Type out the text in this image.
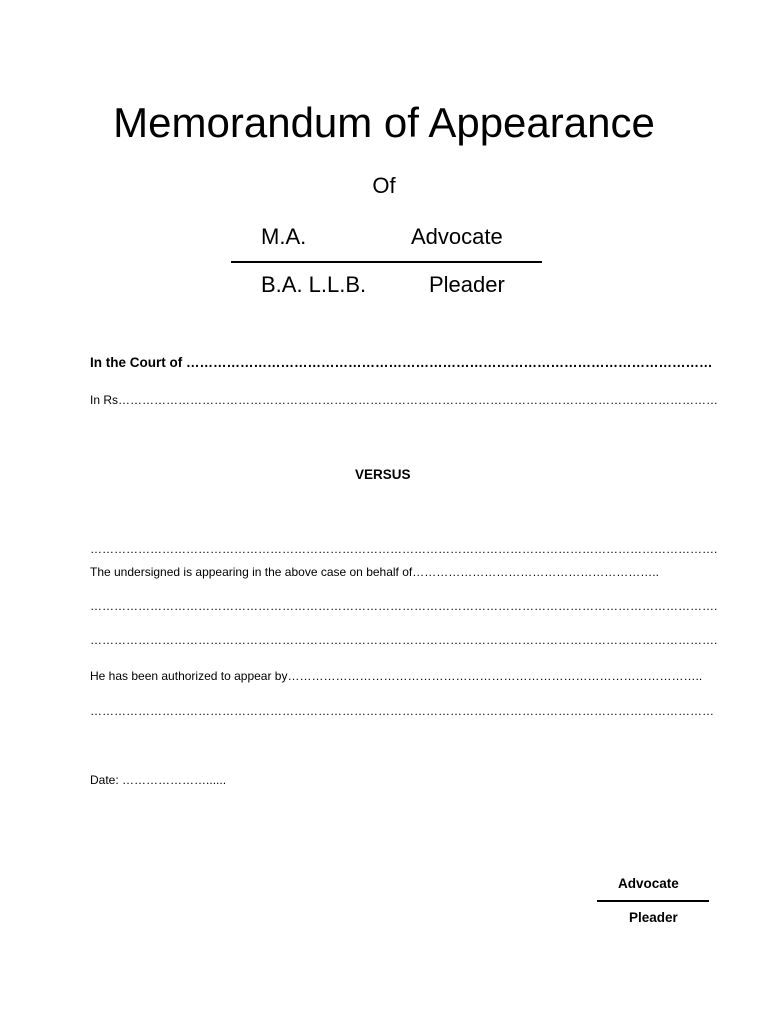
Memorandum of Appearance
Of
M.A.	Advocate
B.A. L.L.B.	Pleader
In the Court of ………………………………………………………………………………………………………
In Rs……………………………………………………………………………………………………………………………………
VERSUS
………………………………………………………………………………………………………………………………………….
The undersigned is appearing in the above case on behalf of……………………………………………………..
………………………………………………………………………………………………………………………………………….
………………………………………………………………………………………………………………………………………….
He has been authorized to appear by…………………………………………………………………………………………..
…………………………………………………………………………………………………………………………………………
Date: …………………......
Advocate
Pleader
